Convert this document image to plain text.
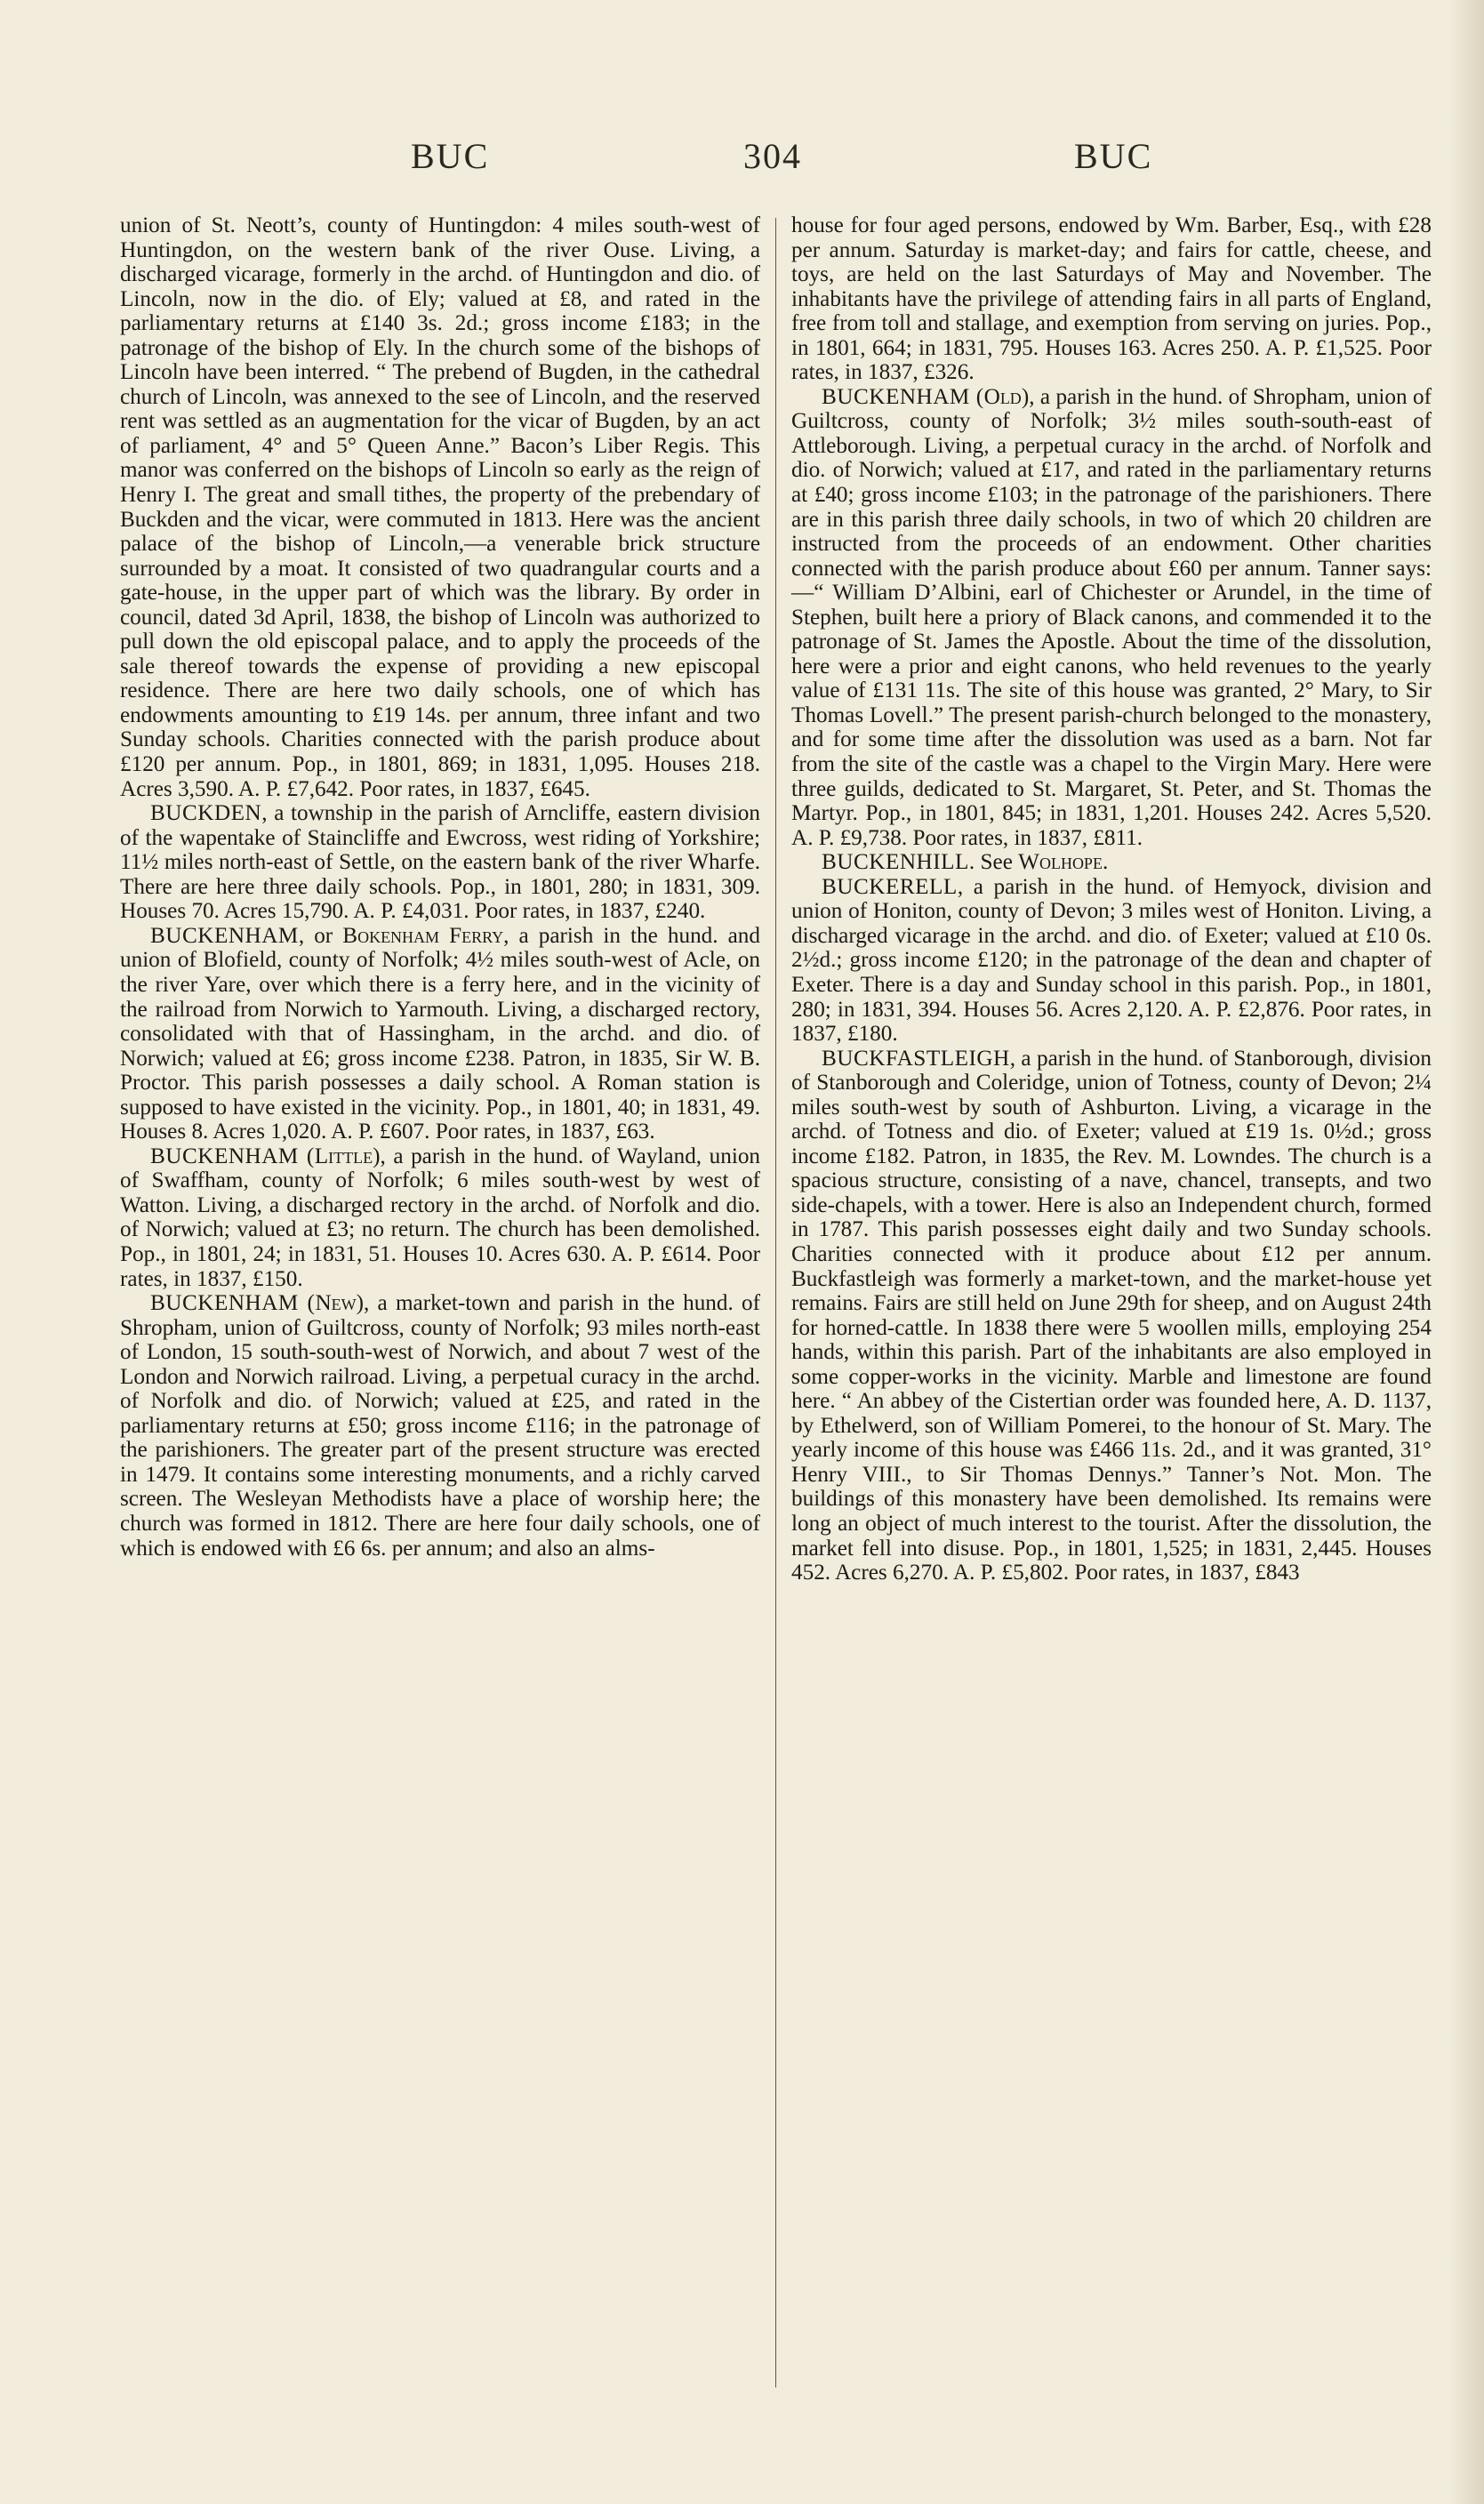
BUC	304	BUC

union of St. Neott’s, county of Huntingdon: 4 miles south-west of Huntingdon, on the western bank of the river Ouse. Living, a discharged vicarage, formerly in the archd. of Huntingdon and dio. of Lincoln, now in the dio. of Ely; valued at £8, and rated in the parliamentary returns at £140 3s. 2d.; gross income £183; in the patronage of the bishop of Ely. In the church some of the bishops of Lincoln have been interred. “ The prebend of Bugden, in the cathedral church of Lincoln, was annexed to the see of Lincoln, and the reserved rent was settled as an augmentation for the vicar of Bugden, by an act of parliament, 4° and 5° Queen Anne.” Bacon’s Liber Regis. This manor was conferred on the bishops of Lincoln so early as the reign of Henry I. The great and small tithes, the property of the prebendary of Buckden and the vicar, were commuted in 1813. Here was the ancient palace of the bishop of Lincoln,—a venerable brick structure surrounded by a moat. It consisted of two quadrangular courts and a gate-house, in the upper part of which was the library. By order in council, dated 3d April, 1838, the bishop of Lincoln was authorized to pull down the old episcopal palace, and to apply the proceeds of the sale thereof towards the expense of providing a new episcopal residence. There are here two daily schools, one of which has endowments amounting to £19 14s. per annum, three infant and two Sunday schools. Charities connected with the parish produce about £120 per annum. Pop., in 1801, 869; in 1831, 1,095. Houses 218. Acres 3,590. A. P. £7,642. Poor rates, in 1837, £645.

BUCKDEN, a township in the parish of Arncliffe, eastern division of the wapentake of Staincliffe and Ewcross, west riding of Yorkshire; 11½ miles north-east of Settle, on the eastern bank of the river Wharfe. There are here three daily schools. Pop., in 1801, 280; in 1831, 309. Houses 70. Acres 15,790. A. P. £4,031. Poor rates, in 1837, £240.

BUCKENHAM, or Bokenham Ferry, a parish in the hund. and union of Blofield, county of Norfolk; 4½ miles south-west of Acle, on the river Yare, over which there is a ferry here, and in the vicinity of the railroad from Norwich to Yarmouth. Living, a discharged rectory, consolidated with that of Hassingham, in the archd. and dio. of Norwich; valued at £6; gross income £238. Patron, in 1835, Sir W. B. Proctor. This parish possesses a daily school. A Roman station is supposed to have existed in the vicinity. Pop., in 1801, 40; in 1831, 49. Houses 8. Acres 1,020. A. P. £607. Poor rates, in 1837, £63.

BUCKENHAM (Little), a parish in the hund. of Wayland, union of Swaffham, county of Norfolk; 6 miles south-west by west of Watton. Living, a discharged rectory in the archd. of Norfolk and dio. of Norwich; valued at £3; no return. The church has been demolished. Pop., in 1801, 24; in 1831, 51. Houses 10. Acres 630. A. P. £614. Poor rates, in 1837, £150.

BUCKENHAM (New), a market-town and parish in the hund. of Shropham, union of Guiltcross, county of Norfolk; 93 miles north-east of London, 15 south-south-west of Norwich, and about 7 west of the London and Norwich railroad. Living, a perpetual curacy in the archd. of Norfolk and dio. of Norwich; valued at £25, and rated in the parliamentary returns at £50; gross income £116; in the patronage of the parishioners. The greater part of the present structure was erected in 1479. It contains some interesting monuments, and a richly carved screen. The Wesleyan Methodists have a place of worship here; the church was formed in 1812. There are here four daily schools, one of which is endowed with £6 6s. per annum; and also an alms-

house for four aged persons, endowed by Wm. Barber, Esq., with £28 per annum. Saturday is market-day; and fairs for cattle, cheese, and toys, are held on the last Saturdays of May and November. The inhabitants have the privilege of attending fairs in all parts of England, free from toll and stallage, and exemption from serving on juries. Pop., in 1801, 664; in 1831, 795. Houses 163. Acres 250. A. P. £1,525. Poor rates, in 1837, £326.

BUCKENHAM (Old), a parish in the hund. of Shropham, union of Guiltcross, county of Norfolk; 3½ miles south-south-east of Attleborough. Living, a perpetual curacy in the archd. of Norfolk and dio. of Norwich; valued at £17, and rated in the parliamentary returns at £40; gross income £103; in the patronage of the parishioners. There are in this parish three daily schools, in two of which 20 children are instructed from the proceeds of an endowment. Other charities connected with the parish produce about £60 per annum. Tanner says:—“ William D’Albini, earl of Chichester or Arundel, in the time of Stephen, built here a priory of Black canons, and commended it to the patronage of St. James the Apostle. About the time of the dissolution, here were a prior and eight canons, who held revenues to the yearly value of £131 11s. The site of this house was granted, 2° Mary, to Sir Thomas Lovell.” The present parish-church belonged to the monastery, and for some time after the dissolution was used as a barn. Not far from the site of the castle was a chapel to the Virgin Mary. Here were three guilds, dedicated to St. Margaret, St. Peter, and St. Thomas the Martyr. Pop., in 1801, 845; in 1831, 1,201. Houses 242. Acres 5,520. A. P. £9,738. Poor rates, in 1837, £811.

BUCKENHILL. See Wolhope.

BUCKERELL, a parish in the hund. of Hemyock, division and union of Honiton, county of Devon; 3 miles west of Honiton. Living, a discharged vicarage in the archd. and dio. of Exeter; valued at £10 0s. 2½d.; gross income £120; in the patronage of the dean and chapter of Exeter. There is a day and Sunday school in this parish. Pop., in 1801, 280; in 1831, 394. Houses 56. Acres 2,120. A. P. £2,876. Poor rates, in 1837, £180.

BUCKFASTLEIGH, a parish in the hund. of Stanborough, division of Stanborough and Coleridge, union of Totness, county of Devon; 2¼ miles south-west by south of Ashburton. Living, a vicarage in the archd. of Totness and dio. of Exeter; valued at £19 1s. 0½d.; gross income £182. Patron, in 1835, the Rev. M. Lowndes. The church is a spacious structure, consisting of a nave, chancel, transepts, and two side-chapels, with a tower. Here is also an Independent church, formed in 1787. This parish possesses eight daily and two Sunday schools. Charities connected with it produce about £12 per annum. Buckfastleigh was formerly a market-town, and the market-house yet remains. Fairs are still held on June 29th for sheep, and on August 24th for horned-cattle. In 1838 there were 5 woollen mills, employing 254 hands, within this parish. Part of the inhabitants are also employed in some copper-works in the vicinity. Marble and limestone are found here. “ An abbey of the Cistertian order was founded here, A. D. 1137, by Ethelwerd, son of William Pomerei, to the honour of St. Mary. The yearly income of this house was £466 11s. 2d., and it was granted, 31° Henry VIII., to Sir Thomas Dennys.” Tanner’s Not. Mon. The buildings of this monastery have been demolished. Its remains were long an object of much interest to the tourist. After the dissolution, the market fell into disuse. Pop., in 1801, 1,525; in 1831, 2,445. Houses 452. Acres 6,270. A. P. £5,802. Poor rates, in 1837, £843
